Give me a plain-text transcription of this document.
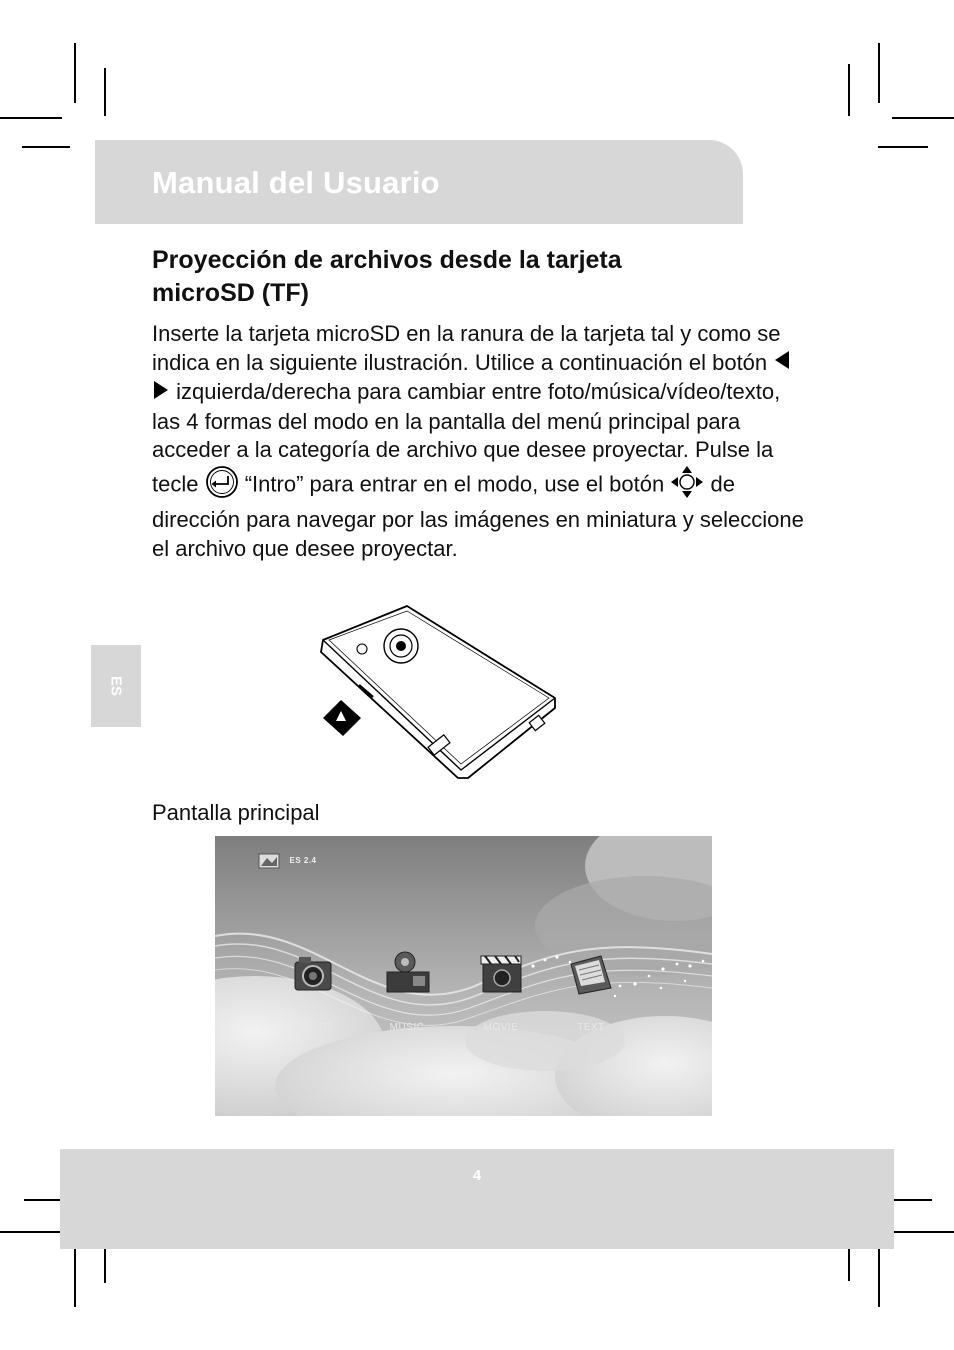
Manual del Usuario
Proyección de archivos desde la tarjeta
microSD (TF)

Inserte la tarjeta microSD en la ranura de la tarjeta tal y como se indica en la siguiente ilustración. Utilice a continuación el botón   izquierda/derecha para cambiar entre foto/música/vídeo/texto, las 4 formas del modo en la pantalla del menú principal para acceder a la categoría de archivo que desee proyectar. Pulse la tecle “Intro” para entrar en el modo, use el botón de dirección para navegar por las imágenes en miniatura y seleccione el archivo que desee proyectar.

ES
Pantalla principal
ES 2.4
PHOTO	MUSIC	MOVIE	TEXT
4
